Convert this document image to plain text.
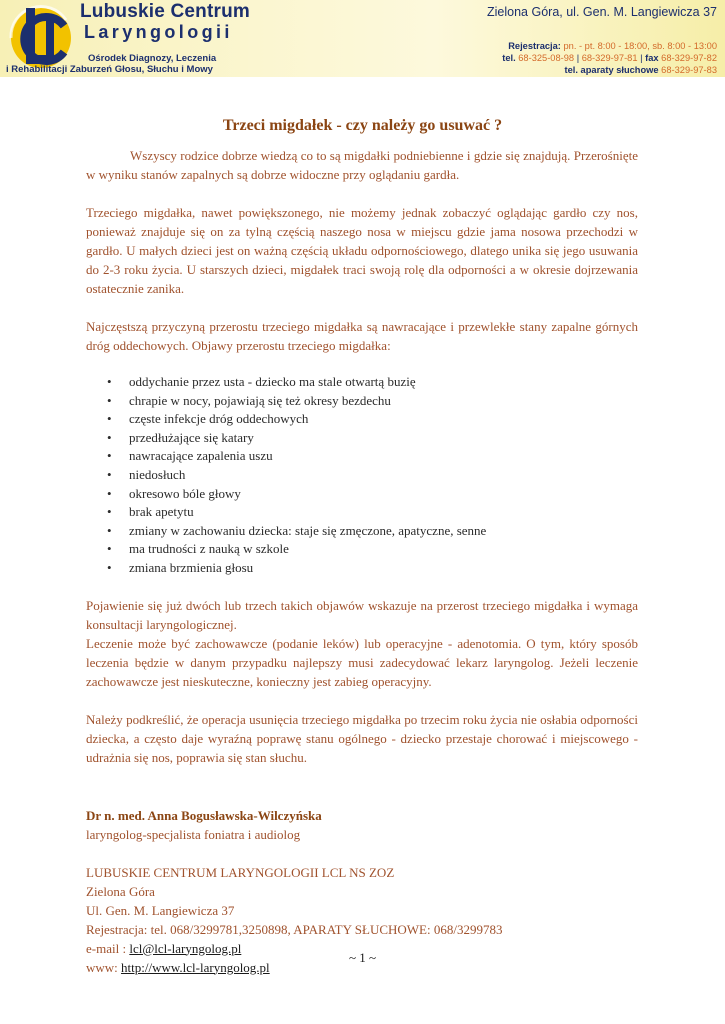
Lubuskie Centrum
Laryngologii
Ośrodek Diagnozy, Leczenia
i Rehabilitacji Zaburzeń Głosu, Słuchu i Mowy
Zielona Góra, ul. Gen. M. Langiewicza 37
Rejestracja: pn. - pt. 8:00 - 18:00, sb. 8:00 - 13:00
tel. 68-325-08-98 | 68-329-97-81 | fax 68-329-97-82
tel. aparaty słuchowe 68-329-97-83
Trzeci migdałek - czy należy go usuwać ?

Wszyscy rodzice dobrze wiedzą co to są migdałki podniebienne i gdzie się znajdują. Przerośnięte w wyniku stanów zapalnych są dobrze widoczne przy oglądaniu gardła.

Trzeciego migdałka, nawet powiększonego, nie możemy jednak zobaczyć oglądając gardło czy nos, ponieważ znajduje się on za tylną częścią naszego nosa w miejscu gdzie jama nosowa przechodzi w gardło. U małych dzieci jest on ważną częścią układu odpornościowego, dlatego unika się jego usuwania do 2-3 roku życia. U starszych dzieci, migdałek traci swoją rolę dla odporności a w okresie dojrzewania ostatecznie zanika.

Najczęstszą przyczyną przerostu trzeciego migdałka są nawracające i przewlekłe stany zapalne górnych dróg oddechowych. Objawy przerostu trzeciego migdałka:

• oddychanie przez usta - dziecko ma stale otwartą buzię
• chrapie w nocy, pojawiają się też okresy bezdechu
• częste infekcje dróg oddechowych
• przedłużające się katary
• nawracające zapalenia uszu
• niedosłuch
• okresowo bóle głowy
• brak apetytu
• zmiany w zachowaniu dziecka: staje się zmęczone, apatyczne, senne
• ma trudności z nauką w szkole
• zmiana brzmienia głosu

Pojawienie się już dwóch lub trzech takich objawów wskazuje na przerost trzeciego migdałka i wymaga konsultacji laryngologicznej.

Leczenie może być zachowawcze (podanie leków) lub operacyjne - adenotomia. O tym, który sposób leczenia będzie w danym przypadku najlepszy musi zadecydować lekarz laryngolog. Jeżeli leczenie zachowawcze jest nieskuteczne, konieczny jest zabieg operacyjny.

Należy podkreślić, że operacja usunięcia trzeciego migdałka po trzecim roku życia nie osłabia odporności dziecka, a często daje wyraźną poprawę stanu ogólnego - dziecko przestaje chorować i miejscowego - udrażnia się nos, poprawia się stan słuchu.

Dr n. med. Anna Bogusławska-Wilczyńska
laryngolog-specjalista foniatra i audiolog
LUBUSKIE CENTRUM LARYNGOLOGII LCL NS ZOZ
Zielona Góra
Ul. Gen. M. Langiewicza 37
Rejestracja: tel. 068/3299781,3250898, APARATY SŁUCHOWE: 068/3299783
e-mail : lcl@lcl-laryngolog.pl
www: http://www.lcl-laryngolog.pl
~ 1 ~
